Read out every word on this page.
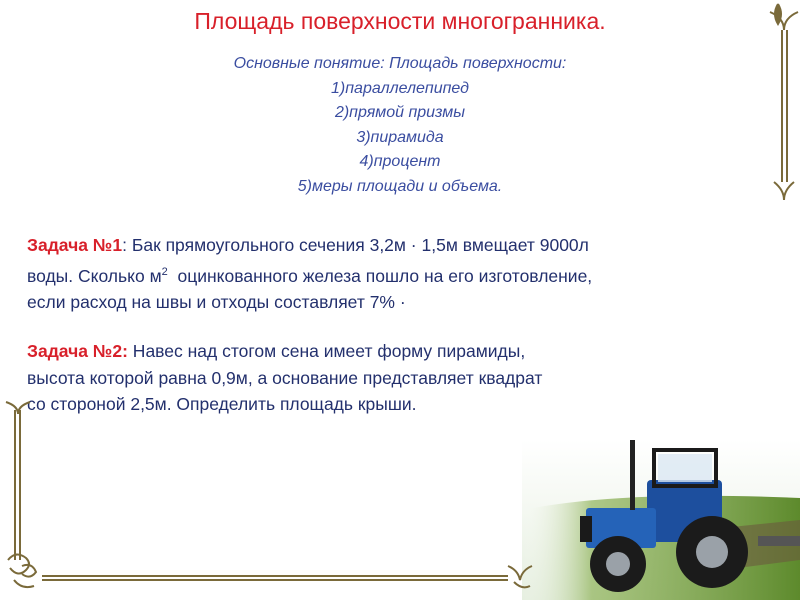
Площадь поверхности многогранника.
Основные понятие: Площадь поверхности:
1)параллелепипед
2)прямой призмы
3)пирамида
4)процент
5)меры площади и объема.
Задача №1: Бак прямоугольного сечения 3,2м · 1,5м вмещает 9000л
воды. Сколько $м^2$  оцинкованного железа пошло на его изготовление,
если расход на швы и отходы составляет 7% ·
Задача №2: Навес над стогом сена имеет форму пирамиды,
высота которой равна 0,9м, а основание представляет квадрат
со стороной 2,5м. Определить площадь крыши.
